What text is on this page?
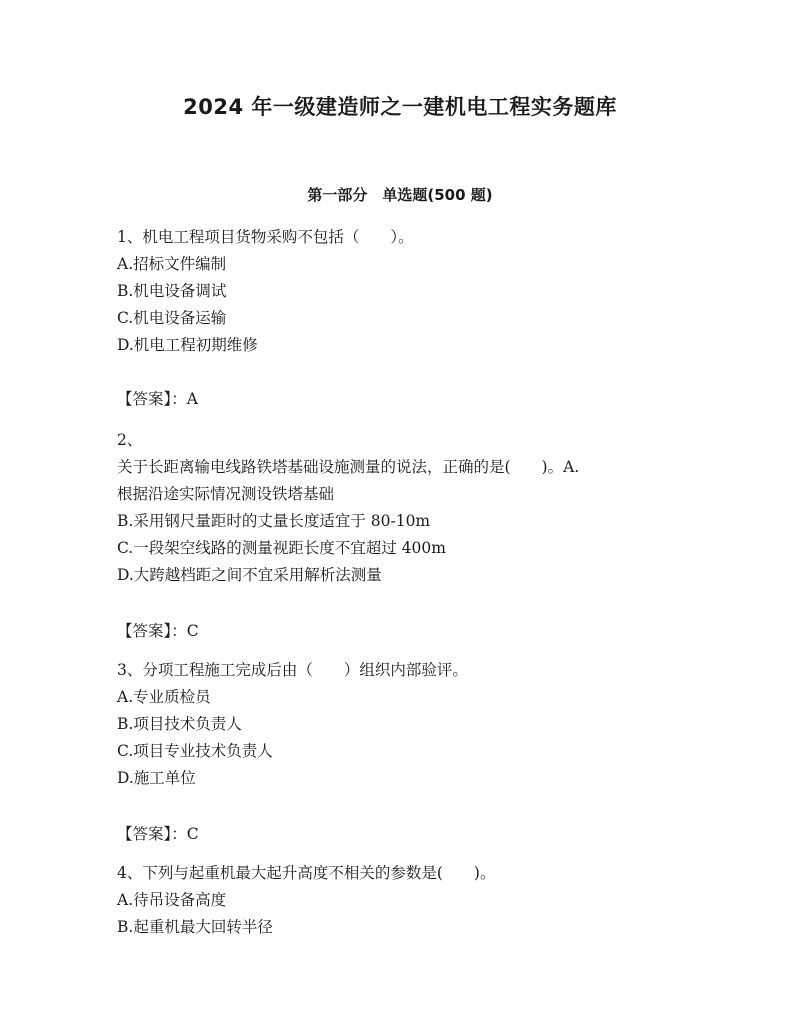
2024 年一级建造师之一建机电工程实务题库
第一部分　单选题(500 题)
1、机电工程项目货物采购不包括（　　）。
A.招标文件编制
B.机电设备调试
C.机电设备运输
D.机电工程初期维修
【答案】：A
2、
关于长距离输电线路铁塔基础设施测量的说法，正确的是(　　)。A.
根据沿途实际情况测设铁塔基础
B.采用钢尺量距时的丈量长度适宜于 80-10m
C.一段架空线路的测量视距长度不宜超过 400m
D.大跨越档距之间不宜采用解析法测量
【答案】：C
3、分项工程施工完成后由（　　）组织内部验评。
A.专业质检员
B.项目技术负责人
C.项目专业技术负责人
D.施工单位
【答案】：C
4、下列与起重机最大起升高度不相关的参数是(　　)。
A.待吊设备高度
B.起重机最大回转半径
